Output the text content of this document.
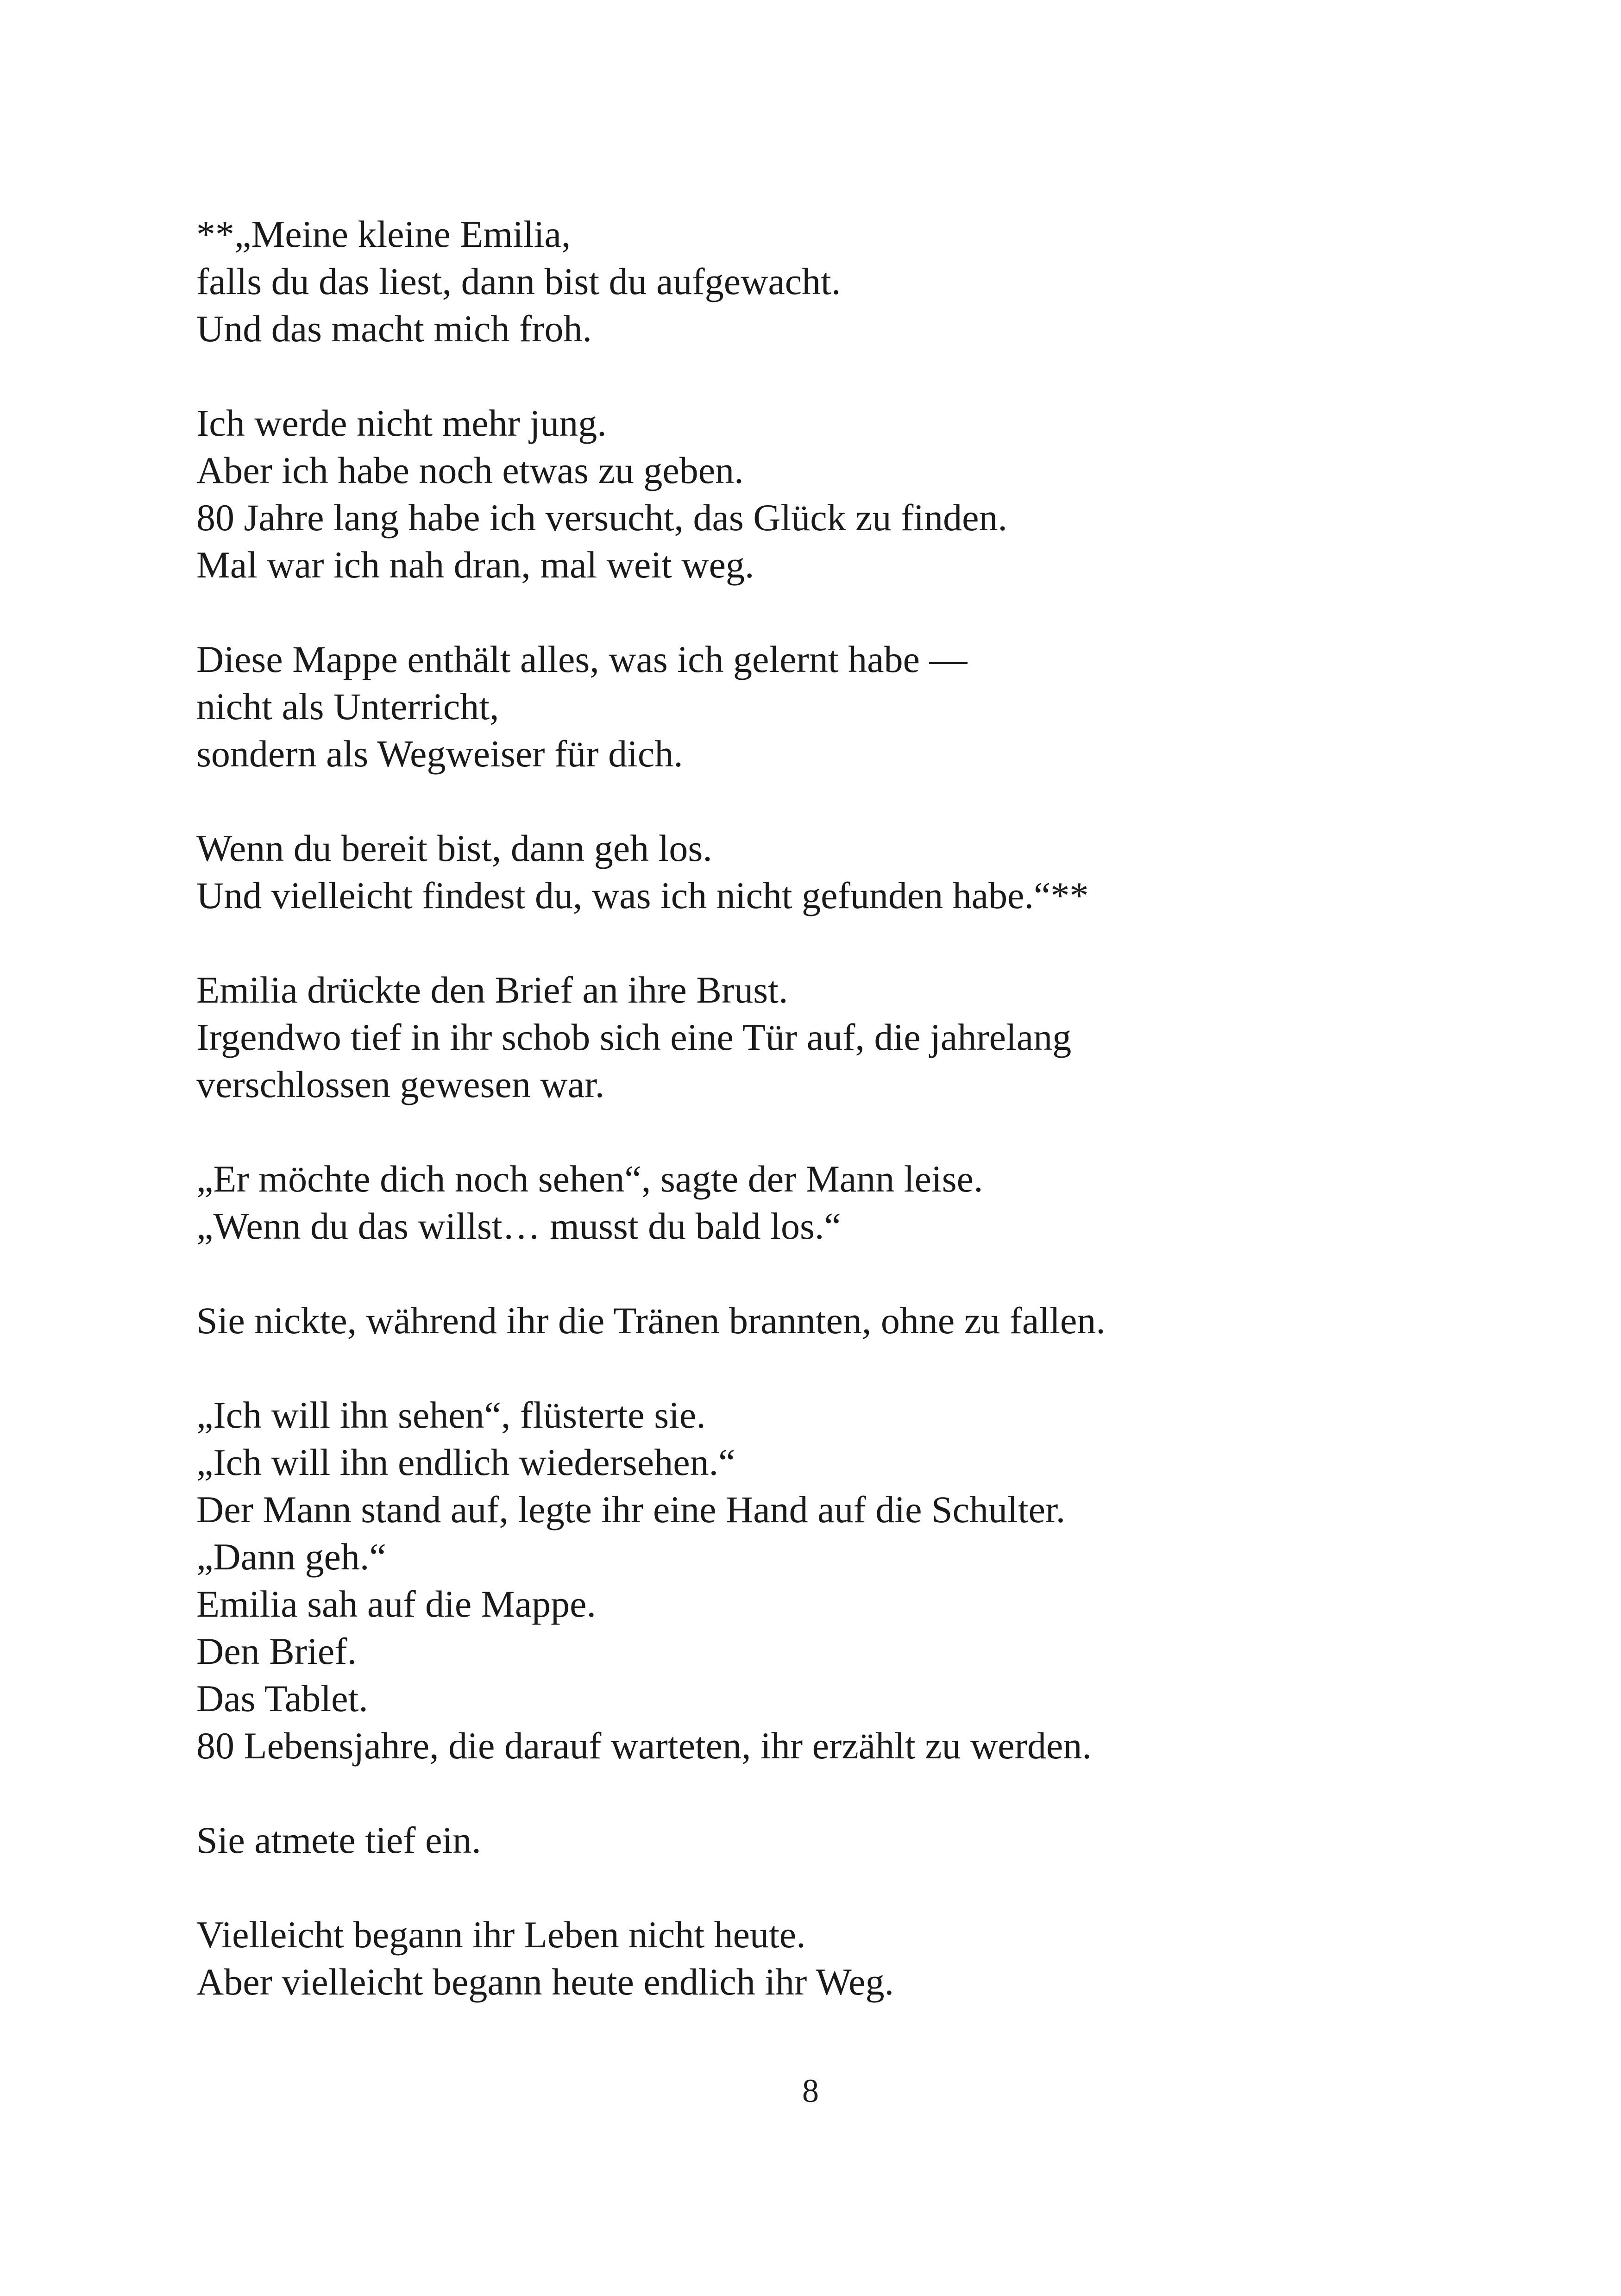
**„Meine kleine Emilia,
falls du das liest, dann bist du aufgewacht.
Und das macht mich froh.
Ich werde nicht mehr jung.
Aber ich habe noch etwas zu geben.
80 Jahre lang habe ich versucht, das Glück zu finden.
Mal war ich nah dran, mal weit weg.
Diese Mappe enthält alles, was ich gelernt habe —
nicht als Unterricht,
sondern als Wegweiser für dich.
Wenn du bereit bist, dann geh los.
Und vielleicht findest du, was ich nicht gefunden habe.“**
Emilia drückte den Brief an ihre Brust.
Irgendwo tief in ihr schob sich eine Tür auf, die jahrelang
verschlossen gewesen war.
„Er möchte dich noch sehen“, sagte der Mann leise.
„Wenn du das willst… musst du bald los.“
Sie nickte, während ihr die Tränen brannten, ohne zu fallen.
„Ich will ihn sehen“, flüsterte sie.
„Ich will ihn endlich wiedersehen.“
Der Mann stand auf, legte ihr eine Hand auf die Schulter.
„Dann geh.“
Emilia sah auf die Mappe.
Den Brief.
Das Tablet.
80 Lebensjahre, die darauf warteten, ihr erzählt zu werden.
Sie atmete tief ein.
Vielleicht begann ihr Leben nicht heute.
Aber vielleicht begann heute endlich ihr Weg.
8
